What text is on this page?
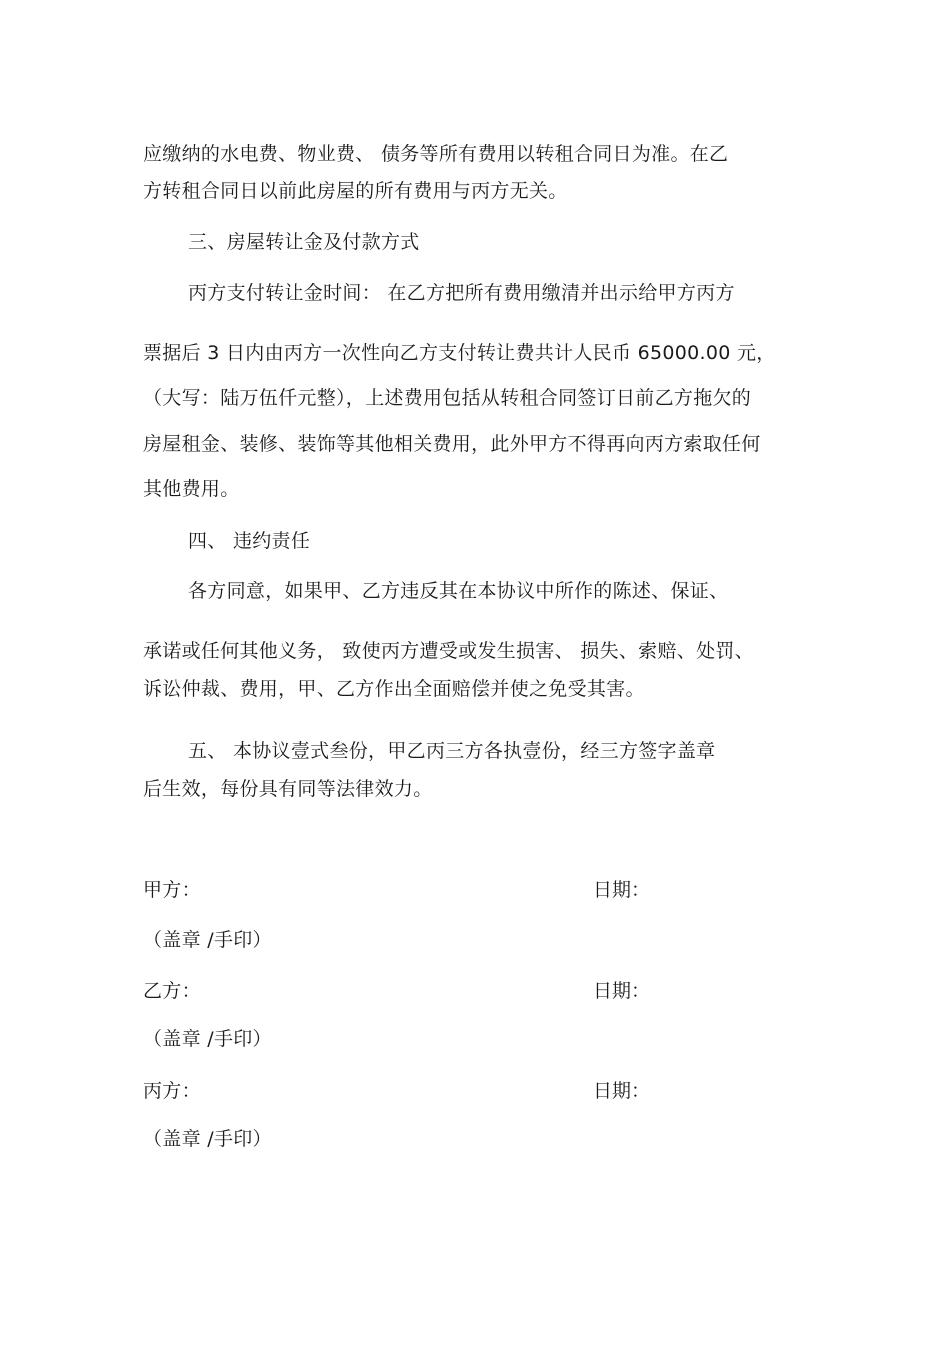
应缴纳的水电费、物业费、 债务等所有费用以转租合同日为准。在乙
方转租合同日以前此房屋的所有费用与丙方无关。
三、房屋转让金及付款方式
丙方支付转让金时间： 在乙方把所有费用缴清并出示给甲方丙方
票据后 3 日内由丙方一次性向乙方支付转让费共计人民币 65000.00 元，
（大写：陆万伍仟元整），上述费用包括从转租合同签订日前乙方拖欠的
房屋租金、装修、装饰等其他相关费用，此外甲方不得再向丙方索取任何
其他费用。
四、 违约责任
各方同意，如果甲、乙方违反其在本协议中所作的陈述、保证、
承诺或任何其他义务， 致使丙方遭受或发生损害、 损失、索赔、处罚、
诉讼仲裁、费用，甲、乙方作出全面赔偿并使之免受其害。
五、 本协议壹式叁份，甲乙丙三方各执壹份，经三方签字盖章
后生效，每份具有同等法律效力。
甲方：	日期：
（盖章 /手印）
乙方：	日期：
（盖章 /手印）
丙方：	日期：
（盖章 /手印）
